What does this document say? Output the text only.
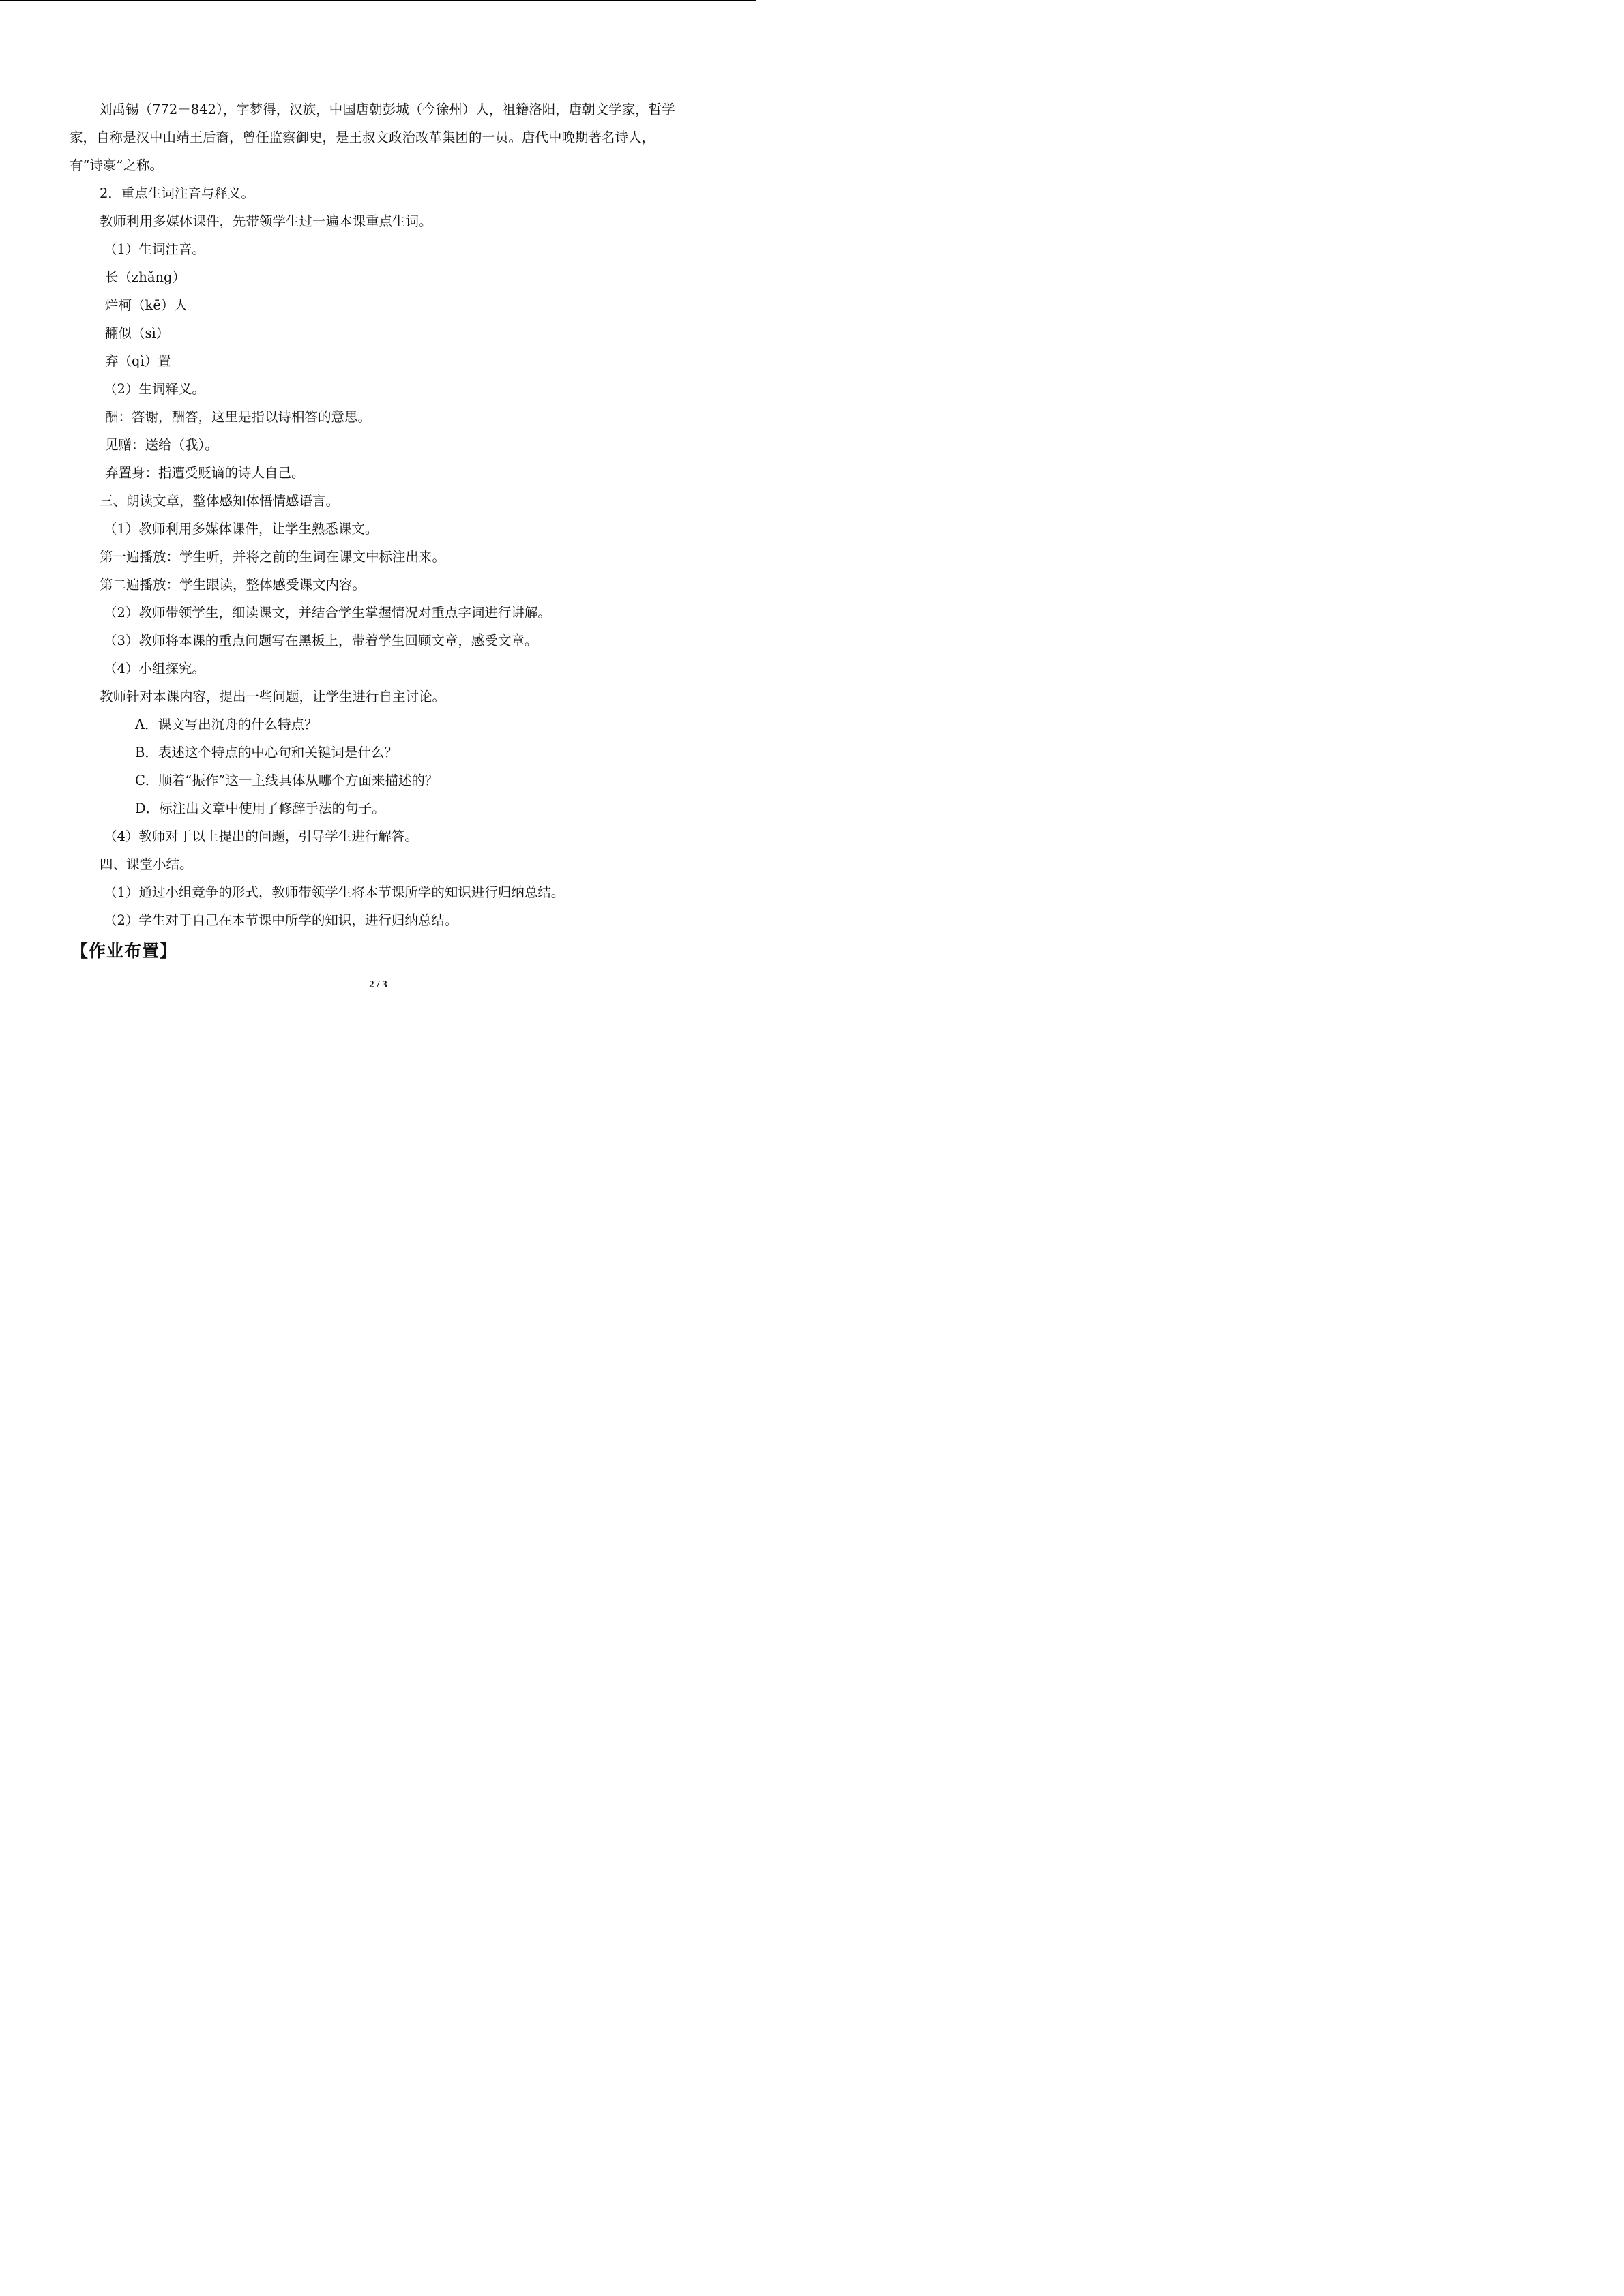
刘禹锡（772－842），字梦得，汉族，中国唐朝彭城（今徐州）人，祖籍洛阳，唐朝文学家，哲学家，自称是汉中山靖王后裔，曾任监察御史，是王叔文政治改革集团的一员。唐代中晚期著名诗人，有“诗豪”之称。

2．重点生词注音与释义。

教师利用多媒体课件，先带领学生过一遍本课重点生词。

（1）生词注音。

长（zhǎng）

烂柯（kē）人

翻似（sì）

弃（qì）置

（2）生词释义。

酬：答谢，酬答，这里是指以诗相答的意思。

见赠：送给（我）。

弃置身：指遭受贬谪的诗人自己。

三、朗读文章，整体感知体悟情感语言。

（1）教师利用多媒体课件，让学生熟悉课文。

第一遍播放：学生听，并将之前的生词在课文中标注出来。

第二遍播放：学生跟读，整体感受课文内容。

（2）教师带领学生，细读课文，并结合学生掌握情况对重点字词进行讲解。

（3）教师将本课的重点问题写在黑板上，带着学生回顾文章，感受文章。

（4）小组探究。

教师针对本课内容，提出一些问题，让学生进行自主讨论。

A．课文写出沉舟的什么特点？

B．表述这个特点的中心句和关键词是什么？

C．顺着“振作”这一主线具体从哪个方面来描述的？

D．标注出文章中使用了修辞手法的句子。

（4）教师对于以上提出的问题，引导学生进行解答。

四、课堂小结。

（1）通过小组竞争的形式，教师带领学生将本节课所学的知识进行归纳总结。

（2）学生对于自己在本节课中所学的知识，进行归纳总结。

【作业布置】

2 / 3
